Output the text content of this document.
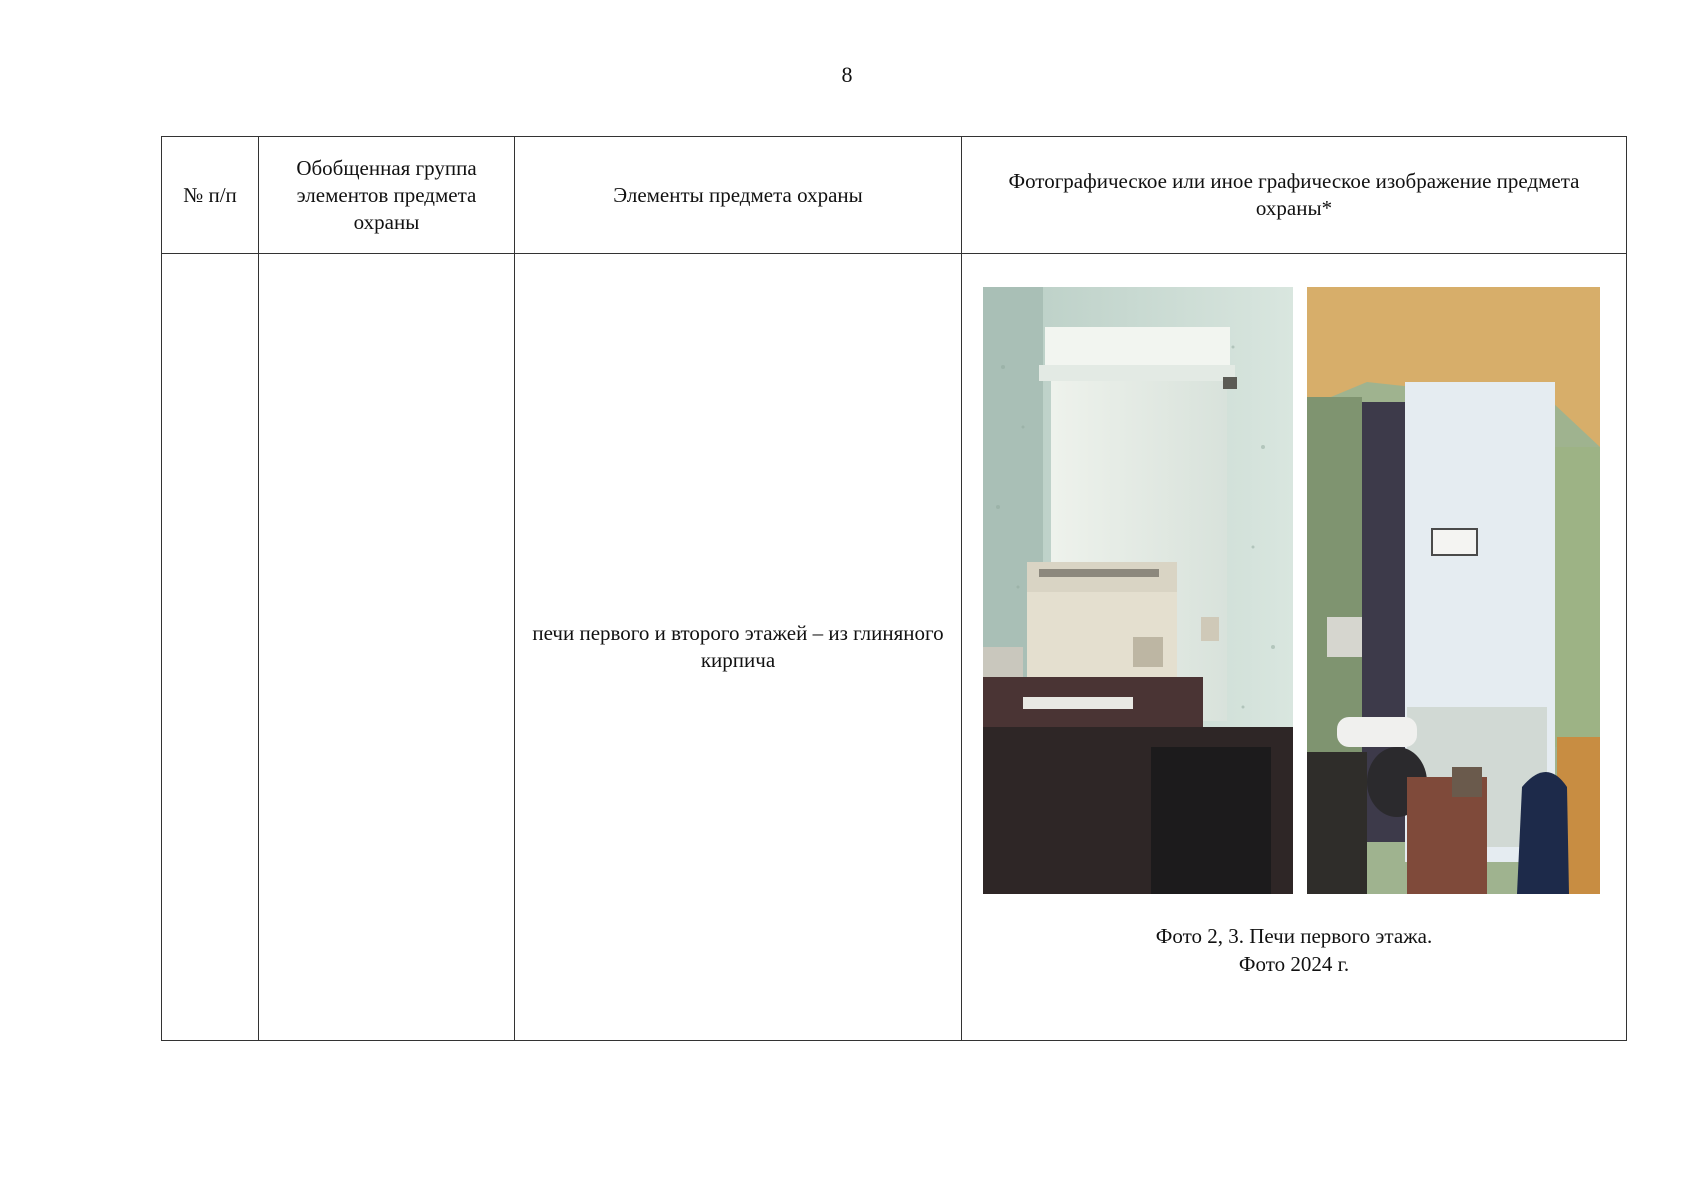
8
№ п/п	Обобщенная группа элементов предмета охраны	Элементы предмета охраны	Фотографическое или иное графическое изображение предмета охраны*
		печи первого и второго этажей – из глиняного кирпича	Фото 2, 3. Печи первого этажа.
Фото 2024 г.
